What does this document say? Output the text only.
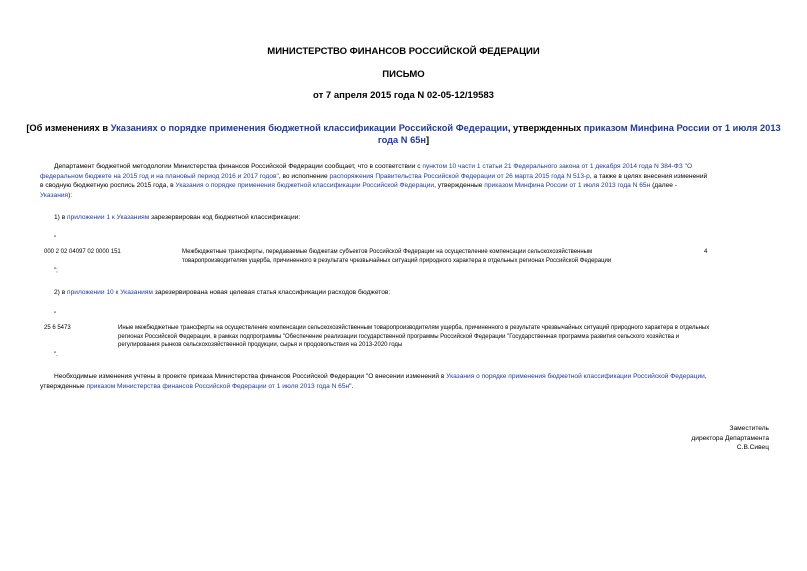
МИНИСТЕРСТВО ФИНАНСОВ РОССИЙСКОЙ ФЕДЕРАЦИИ
ПИСЬМО
от 7 апреля 2015 года N 02-05-12/19583
[Об изменениях в Указаниях о порядке применения бюджетной классификации Российской Федерации, утвержденных приказом Минфина России от 1 июля 2013
года N 65н]
Департамент бюджетной методологии Министерства финансов Российской Федерации сообщает, что в соответствии с пунктом 10 части 1 статьи 21 Федерального закона от 1 декабря 2014 года N 384-ФЗ "О
федеральном бюджете на 2015 год и на плановый период 2016 и 2017 годов", во исполнение распоряжения Правительства Российской Федерации от 26 марта 2015 года N 513-р, а также в целях внесения изменений
в сводную бюджетную роспись 2015 года, в Указания о порядке применения бюджетной классификации Российской Федерации, утвержденные приказом Минфина России от 1 июля 2013 года N 65н (далее -
Указания):
1) в приложении 1 к Указаниям зарезервирован код бюджетной классификации:
"
000 2 02 04097 02 0000 151	Межбюджетные трансферты, передаваемые бюджетам субъектов Российской Федерации на осуществление компенсации сельскохозяйственным
товаропроизводителям ущерба, причиненного в результате чрезвычайных ситуаций природного характера в отдельных регионах Российской Федерации
4
";
2) в приложении 10 к Указаниям зарезервирована новая целевая статья классификации расходов бюджетов:
"
25 6 5473	Иные межбюджетные трансферты на осуществление компенсации сельскохозяйственным товаропроизводителям ущерба, причиненного в результате чрезвычайных ситуаций природного характера в отдельных
регионах Российской Федерации, в рамках подпрограммы "Обеспечение реализации государственной программы Российской Федерации "Государственная программа развития сельского хозяйства и
регулирования рынков сельскохозяйственной продукции, сырья и продовольствия на 2013-2020 годы
".
Необходимые изменения учтены в проекте приказа Министерства финансов Российской Федерации "О внесении изменений в Указания о порядке применения бюджетной классификации Российской Федерации,
утвержденные приказом Министерства финансов Российской Федерации от 1 июля 2013 года N 65н".
Заместитель
директора Департамента
С.В.Сивец
